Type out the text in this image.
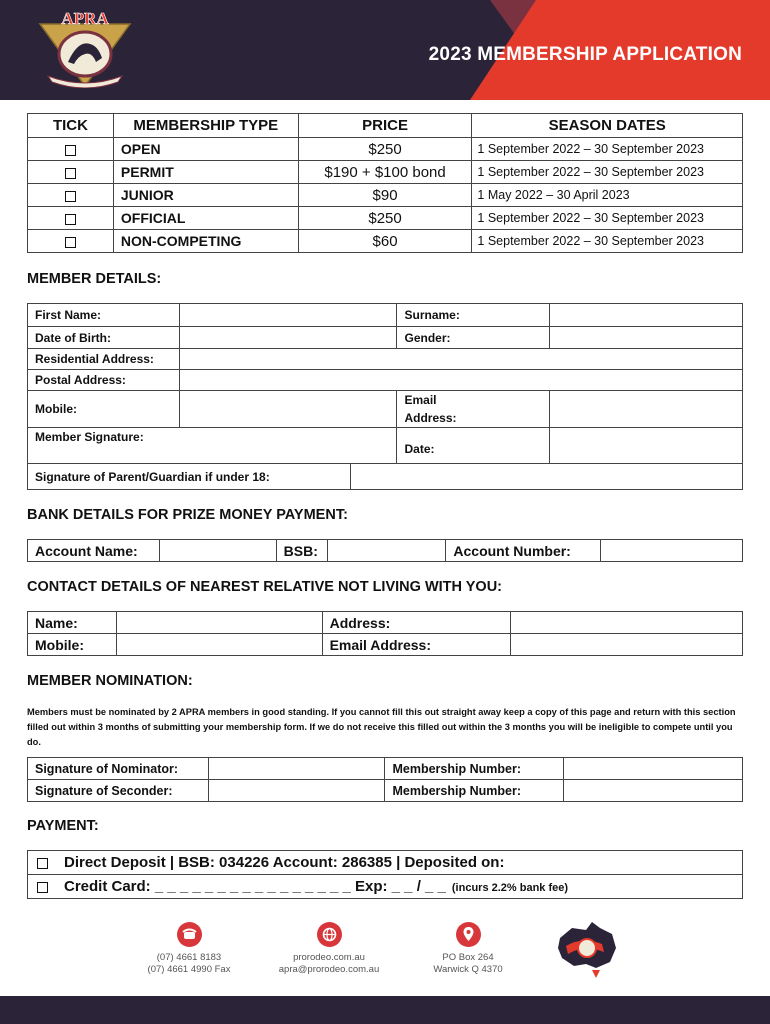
2023 MEMBERSHIP APPLICATION
APRA
TICK	MEMBERSHIP TYPE	PRICE	SEASON DATES
	OPEN	$250	1 September 2022 – 30 September 2023
	PERMIT	$190 + $100 bond	1 September 2022 – 30 September 2023
	JUNIOR	$90	1 May 2022 – 30 April 2023
	OFFICIAL	$250	1 September 2022 – 30 September 2023
	NON-COMPETING	$60	1 September 2022 – 30 September 2023
MEMBER DETAILS:
First Name:			Surname:	
Date of Birth:			Gender:	
Residential Address:				
Postal Address:				
Mobile:			Email
Address:	
Member Signature:			Date:	
Signature of Parent/Guardian if under 18:				
BANK DETAILS FOR PRIZE MONEY PAYMENT:
Account Name:		BSB:		Account Number:	
CONTACT DETAILS OF NEAREST RELATIVE NOT LIVING WITH YOU:
Name:		Address:	
Mobile:		Email Address:	
MEMBER NOMINATION:
Members must be nominated by 2 APRA members in good standing. If you cannot fill this out straight away keep a copy of this page and return with this section filled out within 3 months of submitting your membership form. If we do not receive this filled out within the 3 months you will be ineligible to compete until you do.
Signature of Nominator:		Membership Number:	
Signature of Seconder:		Membership Number:	
PAYMENT:
Direct Deposit | BSB: 034226 Account: 286385 | Deposited on:
Credit Card: _ _ _ _ _ _ _ _ _ _ _ _ _ _ _ _ Exp: _ _ / _ _ (incurs 2.2% bank fee)
(07) 4661 8183
(07) 4661 4990 Fax
prorodeo.com.au
apra@prorodeo.com.au
PO Box 264
Warwick Q 4370
